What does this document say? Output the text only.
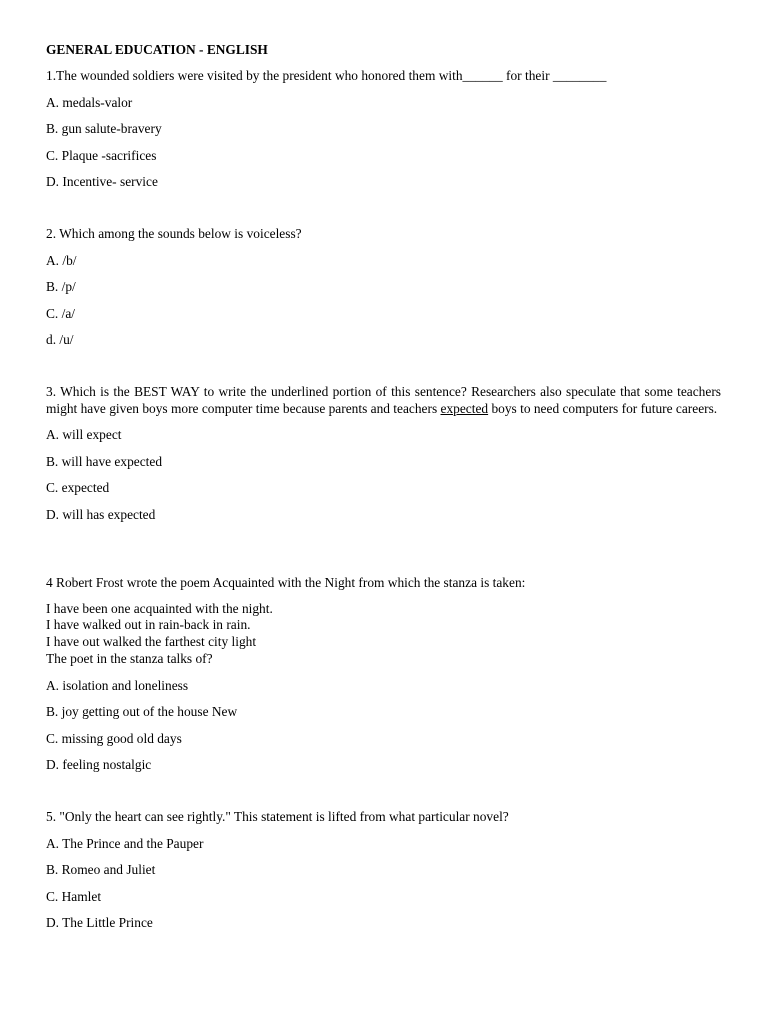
GENERAL EDUCATION - ENGLISH
1.The wounded soldiers were visited by the president who honored them with______ for their ________
A. medals-valor
B. gun salute-bravery
C. Plaque -sacrifices
D. Incentive- service
2. Which among the sounds below is voiceless?
A. /b/
B. /p/
C. /a/
d. /u/
3. Which is the BEST WAY to write the underlined portion of this sentence? Researchers also speculate that some teachers might have given boys more computer time because parents and teachers expected boys to need computers for future careers.
A. will expect
B. will have expected
C. expected
D. will has expected
4 Robert Frost wrote the poem Acquainted with the Night from which the stanza is taken:
I have been one acquainted with the night.
I have walked out in rain-back in rain.
I have out walked the farthest city light
The poet in the stanza talks of?
A. isolation and loneliness
B. joy getting out of the house New
C. missing good old days
D. feeling nostalgic
5. "Only the heart can see rightly." This statement is lifted from what particular novel?
A. The Prince and the Pauper
B. Romeo and Juliet
C. Hamlet
D. The Little Prince
